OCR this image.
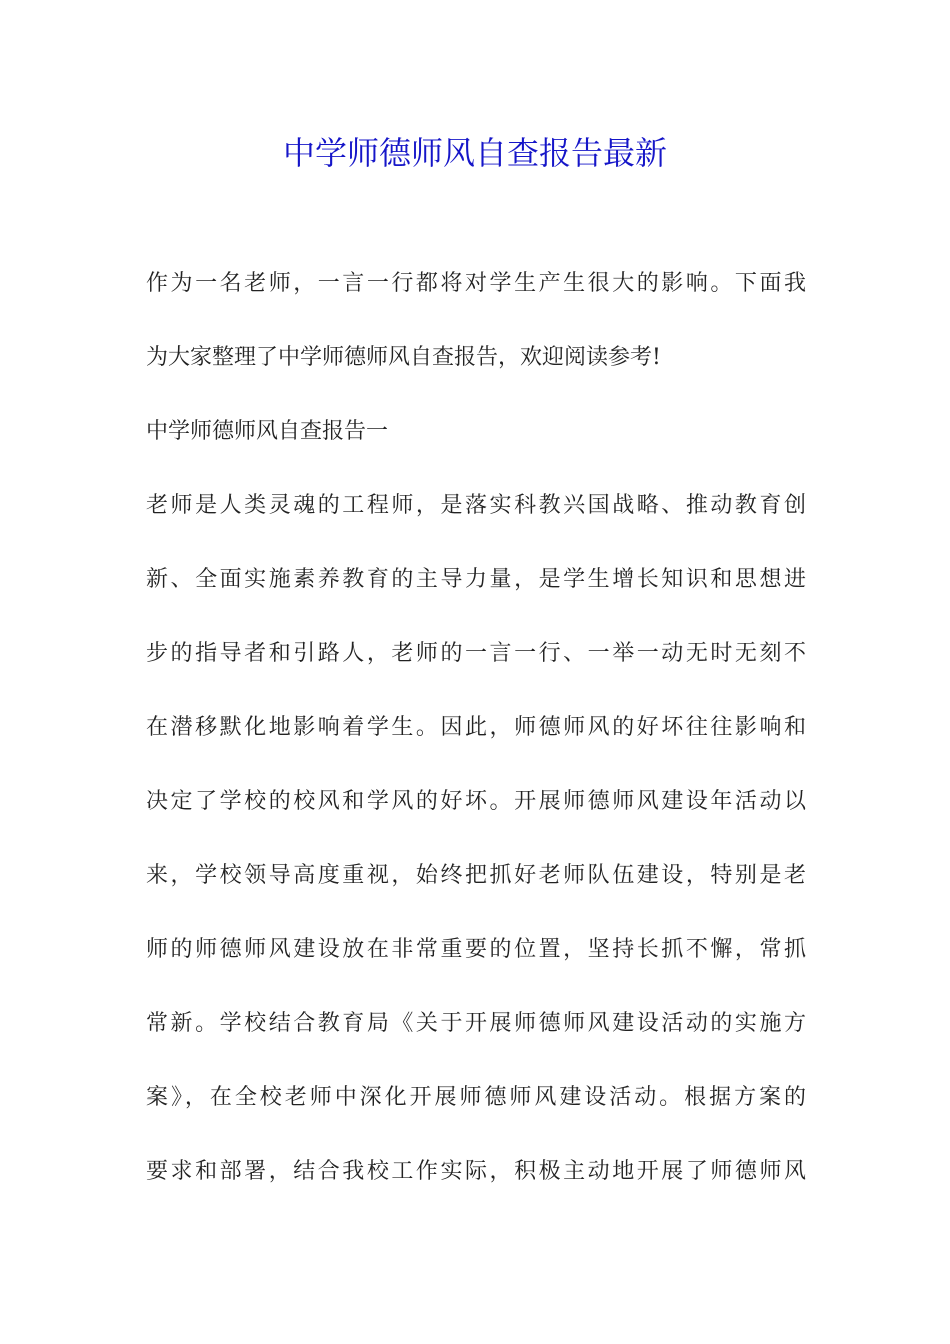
中学师德师风自查报告最新

作为一名老师，一言一行都将对学生产生很大的影响。下面我

为大家整理了中学师德师风自查报告，欢迎阅读参考!

中学师德师风自查报告一

老师是人类灵魂的工程师，是落实科教兴国战略、推动教育创

新、全面实施素养教育的主导力量，是学生增长知识和思想进

步的指导者和引路人，老师的一言一行、一举一动无时无刻不

在潜移默化地影响着学生。因此，师德师风的好坏往往影响和

决定了学校的校风和学风的好坏。开展师德师风建设年活动以

来，学校领导高度重视，始终把抓好老师队伍建设，特别是老

师的师德师风建设放在非常重要的位置，坚持长抓不懈，常抓

常新。学校结合教育局《关于开展师德师风建设活动的实施方

案》，在全校老师中深化开展师德师风建设活动。根据方案的

要求和部署，结合我校工作实际，积极主动地开展了师德师风
